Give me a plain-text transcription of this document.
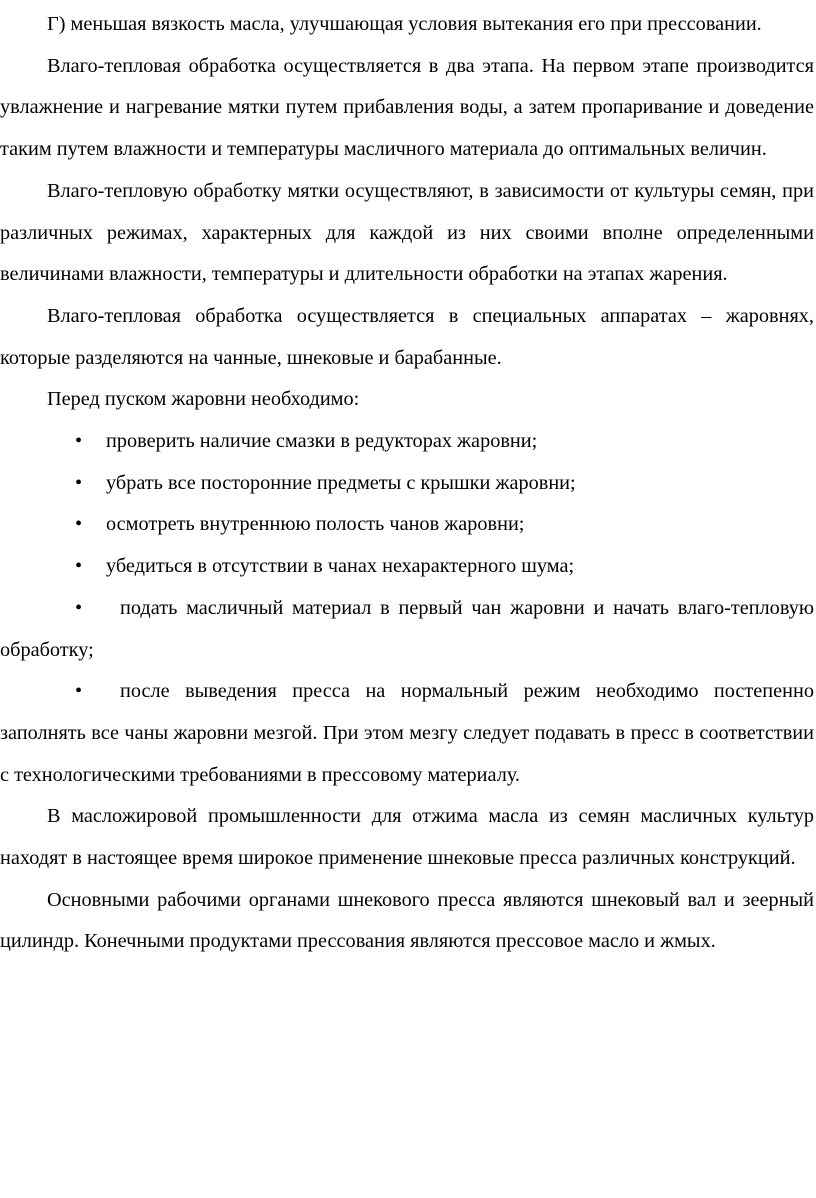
Г) меньшая вязкость масла, улучшающая условия вытекания его при прессовании.

Влаго-тепловая обработка осуществляется в два этапа. На первом этапе производится увлажнение и нагревание мятки путем прибавления воды, а затем пропаривание и доведение таким путем влажности и температуры масличного материала до оптимальных величин.

Влаго-тепловую обработку мятки осуществляют, в зависимости от культуры семян, при различных режимах, характерных для каждой из них своими вполне определенными величинами влажности, температуры и длительности обработки на этапах жарения.

Влаго-тепловая обработка осуществляется в специальных аппаратах – жаровнях, которые разделяются на чанные, шнековые и барабанные.

Перед пуском жаровни необходимо:

•	проверить наличие смазки в редукторах жаровни;
•	убрать все посторонние предметы с крышки жаровни;
•	осмотреть внутреннюю полость чанов жаровни;
•	убедиться в отсутствии в чанах нехарактерного шума;

• подать масличный материал в первый чан жаровни и начать влаго-тепловую обработку;

• после выведения пресса на нормальный режим необходимо постепенно заполнять все чаны жаровни мезгой. При этом мезгу следует подавать в пресс в соответствии с технологическими требованиями в прессовому материалу.

В масложировой промышленности для отжима масла из семян масличных культур находят в настоящее время широкое применение шнековые пресса различных конструкций.

Основными рабочими органами шнекового пресса являются шнековый вал и зеерный цилиндр. Конечными продуктами прессования являются прессовое масло и жмых.
